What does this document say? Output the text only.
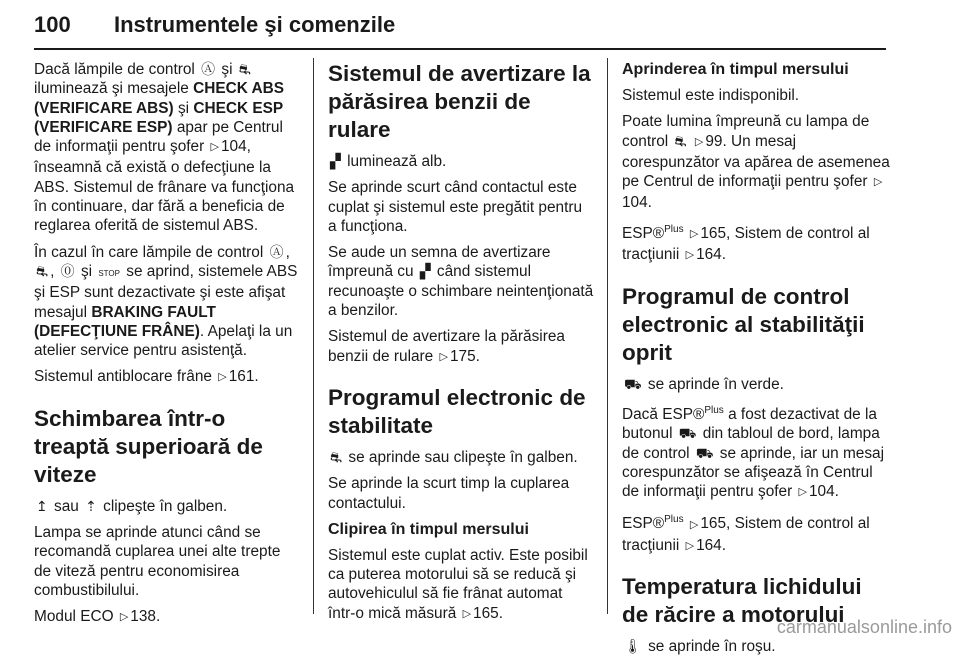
100 Instrumentele şi comenzile

Dacă lămpile de control Ⓐ şi ⛐ iluminează şi mesajele CHECK ABS (VERIFICARE ABS) şi CHECK ESP (VERIFICARE ESP) apar pe Centrul de informaţii pentru şofer ▷ 104, înseamnă că există o defecţiune la ABS. Sistemul de frânare va funcţiona în continuare, dar fără a beneficia de reglarea oferită de sistemul ABS.

În cazul în care lămpile de control Ⓐ , ⛐ , ⓪ şi STOP se aprind, sistemele ABS şi ESP sunt dezactivate şi este afişat mesajul BRAKING FAULT (DEFECŢIUNE FRÂNE). Apelaţi la un atelier service pentru asistenţă.

Sistemul antiblocare frâne ▷ 161.

Schimbarea într-o treaptă superioară de viteze

↥ sau ⇡ clipeşte în galben.

Lampa se aprinde atunci când se recomandă cuplarea unei alte trepte de viteză pentru economisirea combustibilului.

Modul ECO ▷ 138.

Sistemul de avertizare la părăsirea benzii de rulare

▞ luminează alb.

Se aprinde scurt când contactul este cuplat şi sistemul este pregătit pentru a funcţiona.

Se aude un semna de avertizare împreună cu ▞ când sistemul recunoaşte o schimbare neintenţionată a benzilor.

Sistemul de avertizare la părăsirea benzii de rulare ▷ 175.

Programul electronic de stabilitate

⛐ se aprinde sau clipeşte în galben.

Se aprinde la scurt timp la cuplarea contactului.

Clipirea în timpul mersului

Sistemul este cuplat activ. Este posibil ca puterea motorului să se reducă şi autovehiculul să fie frânat automat într-o mică măsură ▷ 165.

Aprinderea în timpul mersului

Sistemul este indisponibil.

Poate lumina împreună cu lampa de control ⛐ ▷ 99. Un mesaj corespunzător va apărea de asemenea pe Centrul de informaţii pentru şofer ▷104.

ESP®$^{Plus}$ ▷ 165, Sistem de control al tracţiunii ▷ 164.

Programul de control electronic al stabilităţii oprit

⛟ se aprinde în verde.

Dacă ESP®$^{Plus}$ a fost dezactivat de la butonul ⛟ din tabloul de bord, lampa de control ⛟ se aprinde, iar un mesaj corespunzător se afişează în Centrul de informaţii pentru şofer ▷ 104.

ESP®$^{Plus}$ ▷ 165, Sistem de control al tracţiunii ▷ 164.

Temperatura lichidului de răcire a motorului

🌡 se aprinde în roşu.

carmanualsonline.info
